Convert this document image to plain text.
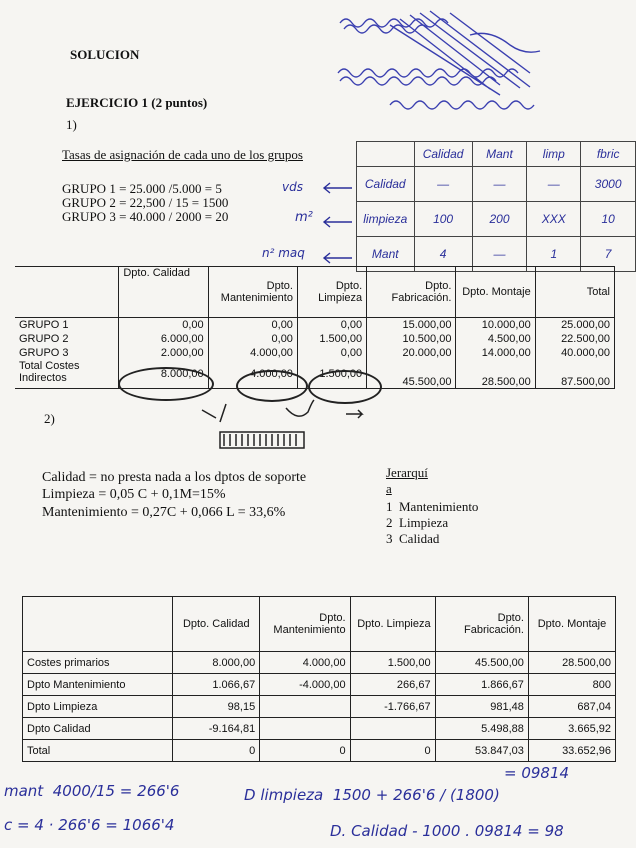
SOLUCION
EJERCICIO 1 (2 puntos)
1)
Tasas de asignación de cada uno de los grupos
GRUPO 1 = 25.000 /5.000 = 5
GRUPO 2 = 22,500 / 15 = 1500
GRUPO 3 = 40.000 / 2000 = 20
vds
m²
n² maq
	Calidad	Mant	limp	fbric
Calidad	—	—	—	3000
limpieza	100	200	XXX	10
Mant	4	—	1	7
	Dpto. Calidad	Dpto. Mantenimiento	Dpto. Limpieza	Dpto. Fabricación.	Dpto. Montaje	Total
GRUPO 1	0,00	0,00	0,00	15.000,00	10.000,00	25.000,00
GRUPO 2	6.000,00	0,00	1.500,00	10.500,00	4.500,00	22.500,00
GRUPO 3	2.000,00	4.000,00	0,00	20.000,00	14.000,00	40.000,00
Total Costes Indirectos	8.000,00	4.000,00	1.500,00	45.500,00	28.500,00	87.500,00
2)
Calidad = no presta nada a los dptos de soporte
Limpieza = 0,05 C + 0,1M=15%
Mantenimiento = 0,27C + 0,066 L = 33,6%
Jerarquí
a
1  Mantenimiento
2  Limpieza
3  Calidad
	Dpto. Calidad	Dpto. Mantenimiento	Dpto. Limpieza	Dpto. Fabricación.	Dpto. Montaje
Costes primarios	8.000,00	4.000,00	1.500,00	45.500,00	28.500,00
Dpto Mantenimiento	1.066,67	-4.000,00	266,67	1.866,67	800
Dpto Limpieza	98,15		-1.766,67	981,48	687,04
Dpto Calidad	-9.164,81			5.498,88	3.665,92
Total	0	0	0	53.847,03	33.652,96
mant  4000/15 = 266'6	D limpieza  1500 + 266'6 / (1800)
= 09814
c = 4 · 266'6 = 1066'4	D. Calidad - 1000 . 09814 = 98
